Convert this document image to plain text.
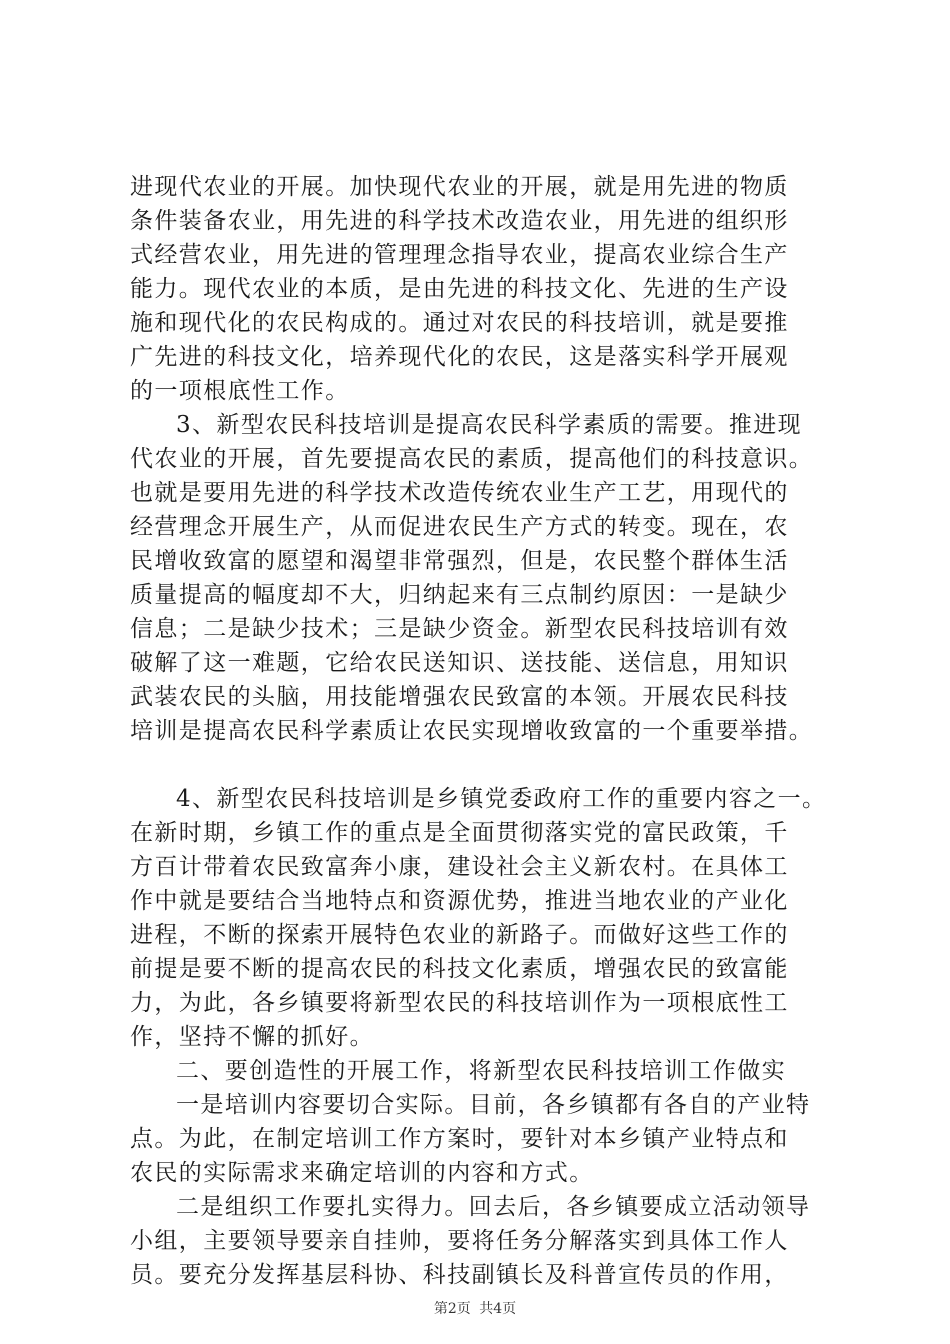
进现代农业的开展。加快现代农业的开展，就是用先进的物质
条件装备农业，用先进的科学技术改造农业，用先进的组织形
式经营农业，用先进的管理理念指导农业，提高农业综合生产
能力。现代农业的本质，是由先进的科技文化、先进的生产设
施和现代化的农民构成的。通过对农民的科技培训，就是要推
广先进的科技文化，培养现代化的农民，这是落实科学开展观
的一项根底性工作。
3、新型农民科技培训是提高农民科学素质的需要。推进现
代农业的开展，首先要提高农民的素质，提高他们的科技意识。
也就是要用先进的科学技术改造传统农业生产工艺，用现代的
经营理念开展生产，从而促进农民生产方式的转变。现在，农
民增收致富的愿望和渴望非常强烈，但是，农民整个群体生活
质量提高的幅度却不大，归纳起来有三点制约原因：一是缺少
信息；二是缺少技术；三是缺少资金。新型农民科技培训有效
破解了这一难题，它给农民送知识、送技能、送信息，用知识
武装农民的头脑，用技能增强农民致富的本领。开展农民科技
培训是提高农民科学素质让农民实现增收致富的一个重要举措。
4、新型农民科技培训是乡镇党委政府工作的重要内容之一。
在新时期，乡镇工作的重点是全面贯彻落实党的富民政策，千
方百计带着农民致富奔小康，建设社会主义新农村。在具体工
作中就是要结合当地特点和资源优势，推进当地农业的产业化
进程，不断的探索开展特色农业的新路子。而做好这些工作的
前提是要不断的提高农民的科技文化素质，增强农民的致富能
力，为此，各乡镇要将新型农民的科技培训作为一项根底性工
作，坚持不懈的抓好。
二、要创造性的开展工作，将新型农民科技培训工作做实
一是培训内容要切合实际。目前，各乡镇都有各自的产业特
点。为此，在制定培训工作方案时，要针对本乡镇产业特点和
农民的实际需求来确定培训的内容和方式。
二是组织工作要扎实得力。回去后，各乡镇要成立活动领导
小组，主要领导要亲自挂帅，要将任务分解落实到具体工作人
员。要充分发挥基层科协、科技副镇长及科普宣传员的作用，
第2页 共4页
